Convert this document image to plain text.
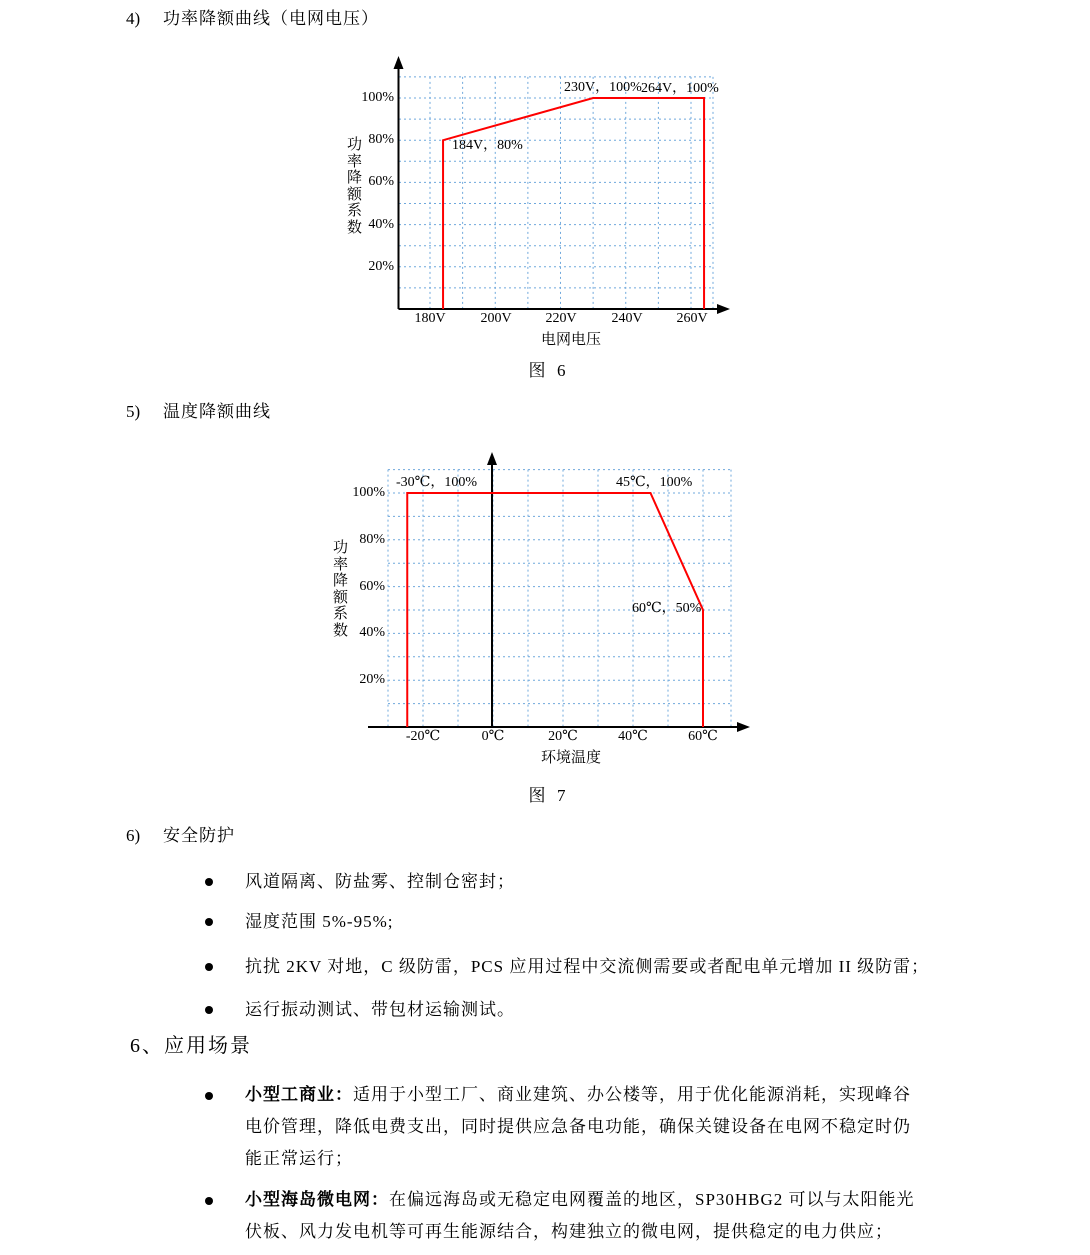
4) 功率降额曲线（电网电压）
100%
80%
60%
40%
20%
功率降额系数
180V	200V	220V	240V	260V
电网电压
184V，80%
230V，100% 264V，100%
图  6
5) 温度降额曲线
100%
80%
60%
40%
20%
功率降额系数
-20℃	0℃	20℃	40℃	60℃
环境温度
-30℃，100%	45℃，100%
60℃，50%
图  7
6) 安全防护
风道隔离、防盐雾、控制仓密封；
湿度范围 5%-95%;
抗扰 2KV 对地，C 级防雷，PCS 应用过程中交流侧需要或者配电单元增加 II 级防雷；
运行振动测试、带包材运输测试。
6、应用场景
小型工商业：适用于小型工厂、商业建筑、办公楼等，用于优化能源消耗，实现峰谷
电价管理，降低电费支出，同时提供应急备电功能，确保关键设备在电网不稳定时仍
能正常运行；
小型海岛微电网：在偏远海岛或无稳定电网覆盖的地区，SP30HBG2 可以与太阳能光
伏板、风力发电机等可再生能源结合，构建独立的微电网，提供稳定的电力供应；
